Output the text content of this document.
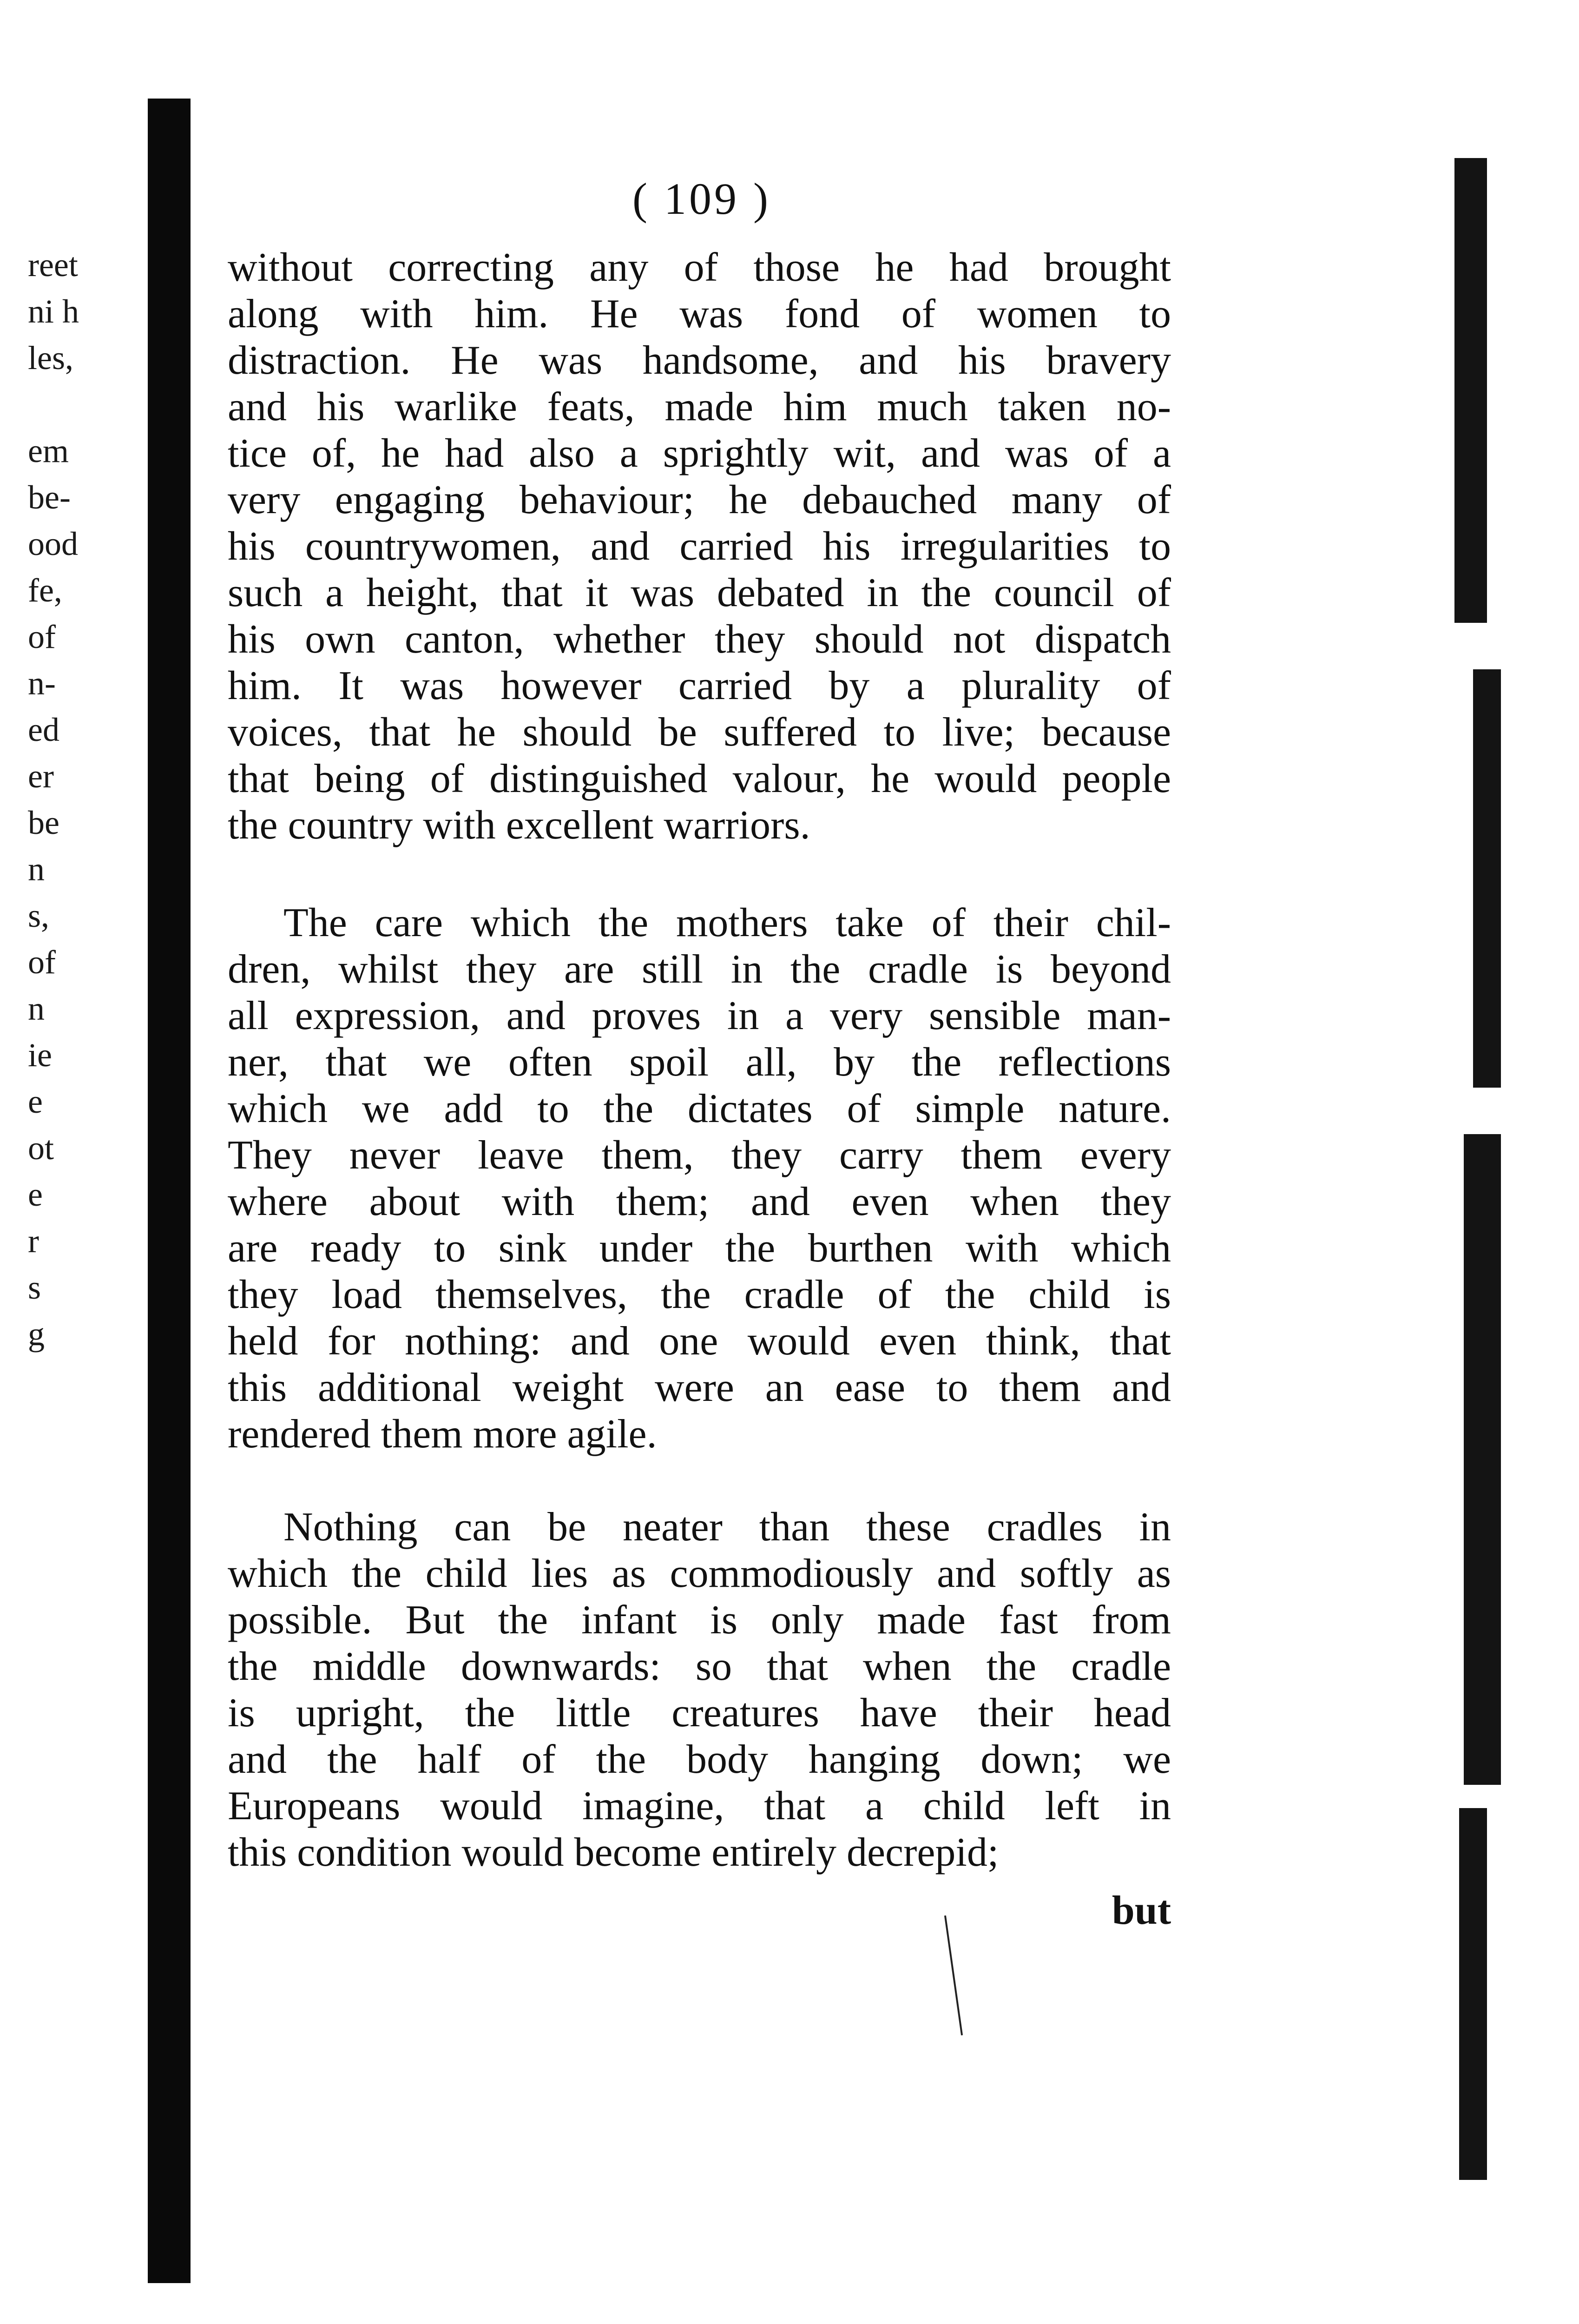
reet
ni h
les,
em
be-
ood
fe,
of
n-
ed
er
be
n
s,
of
n
ie
e
ot
e
r
s
g
( 109 )
without correcting any of those he had brought
along with him. He was fond of women to
distraction. He was handsome, and his bravery
and his warlike feats, made him much taken no-
tice of, he had also a sprightly wit, and was of a
very engaging behaviour; he debauched many of
his countrywomen, and carried his irregularities to
such a height, that it was debated in the council of
his own canton, whether they should not dispatch
him. It was however carried by a plurality of
voices, that he should be suffered to live; because
that being of distinguished valour, he would people
the country with excellent warriors.
The care which the mothers take of their chil-
dren, whilst they are still in the cradle is beyond
all expression, and proves in a very sensible man-
ner, that we often spoil all, by the reflections
which we add to the dictates of simple nature.
They never leave them, they carry them every
where about with them; and even when they
are ready to sink under the burthen with which
they load themselves, the cradle of the child is
held for nothing: and one would even think, that
this additional weight were an ease to them and
rendered them more agile.
Nothing can be neater than these cradles in
which the child lies as commodiously and softly as
possible. But the infant is only made fast from
the middle downwards: so that when the cradle
is upright, the little creatures have their head
and the half of the body hanging down; we
Europeans would imagine, that a child left in
this condition would become entirely decrepid;
but
